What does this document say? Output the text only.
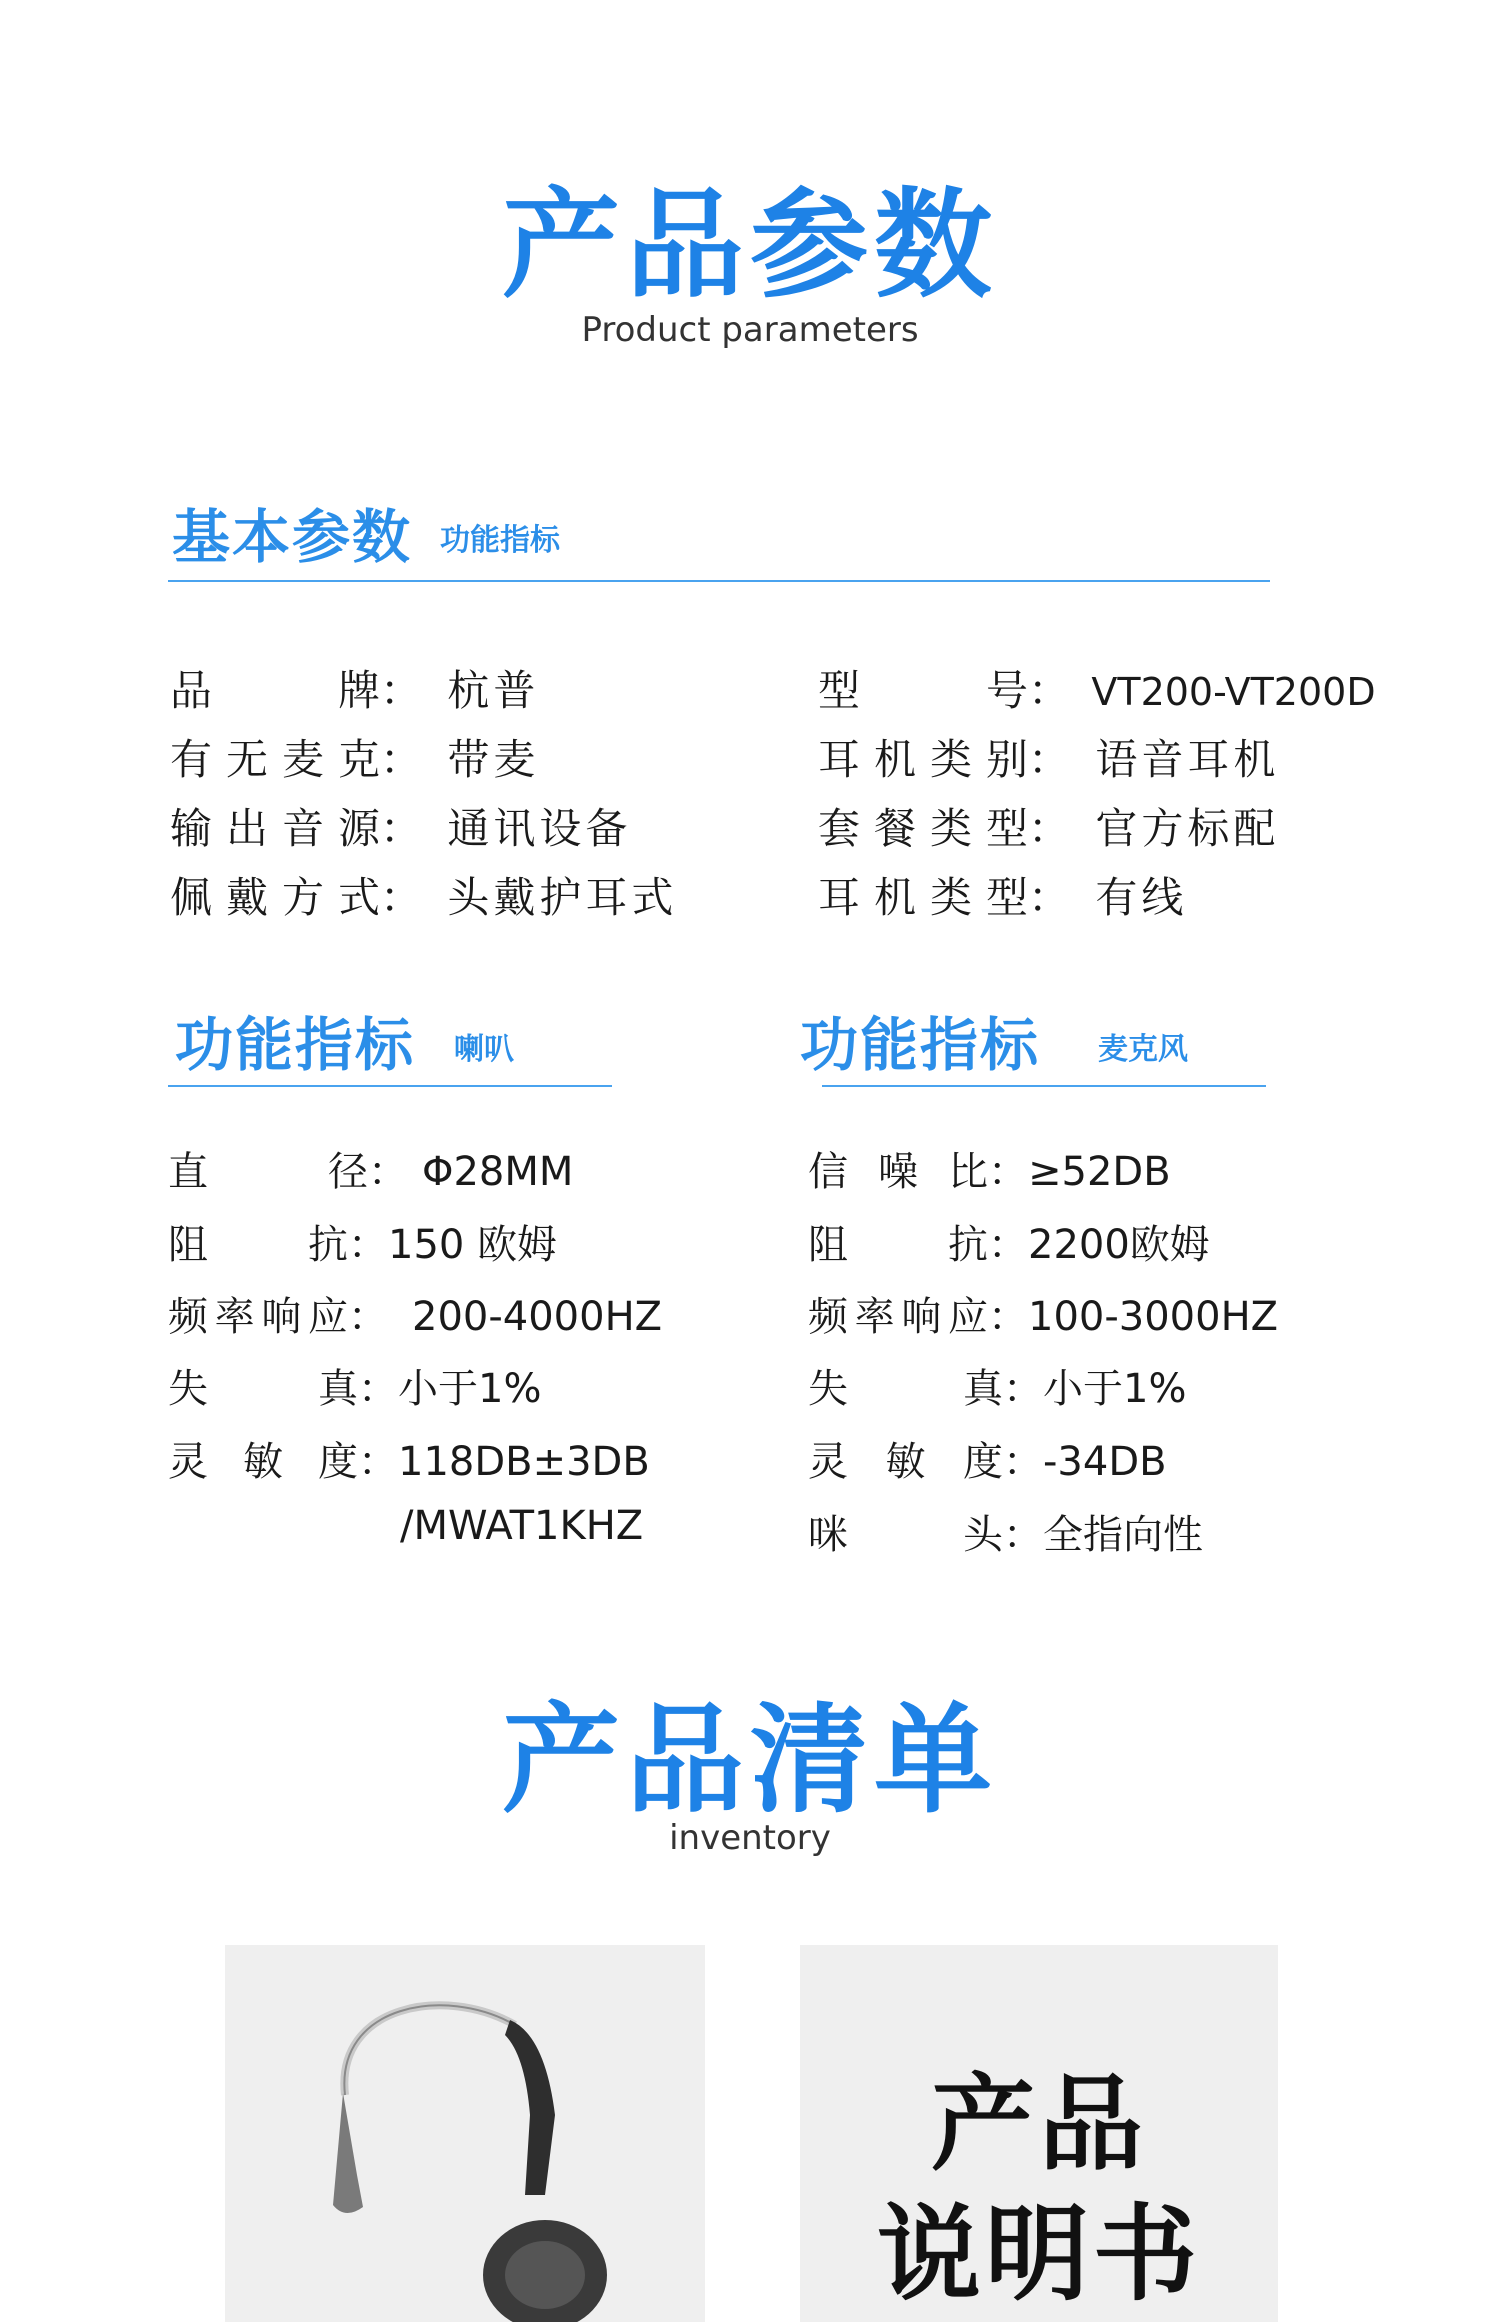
产品参数
Product parameters
基本参数 功能指标
品牌： 杭普
有无麦克： 带麦
输出音源： 通讯设备
佩戴方式： 头戴护耳式
型号： VT200-VT200D
耳机类别： 语音耳机
套餐类型： 官方标配
耳机类型： 有线
功能指标 喇叭
直径： Φ28MM
阻抗：150 欧姆
频率响应： 200-4000HZ
失真：小于1%
灵敏度：118DB±3DB
/MWAT1KHZ
功能指标 麦克风
信噪比：≥52DB
阻抗：2200欧姆
频率响应：100-3000HZ
失真：小于1%
灵敏度：-34DB
咪头：全指向性
产品清单
inventory
产品
说明书
